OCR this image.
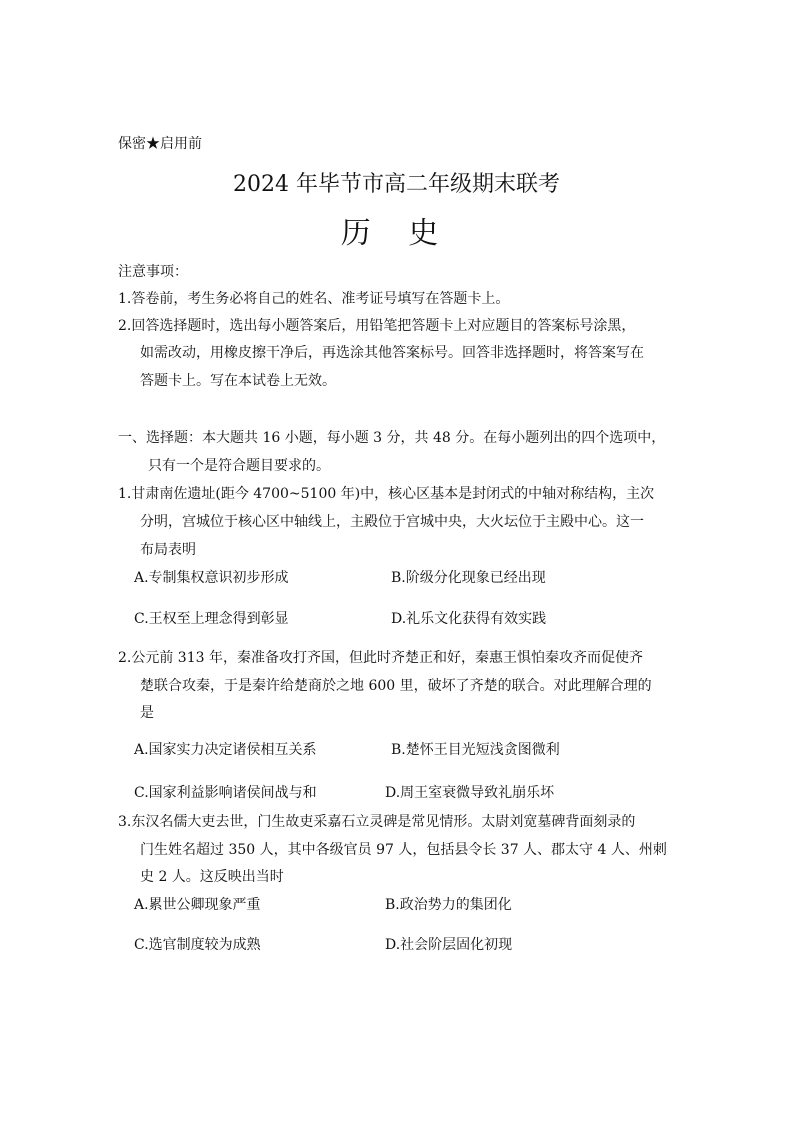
保密★启用前
2024 年毕节市高二年级期末联考
历 史
注意事项：
1.答卷前，考生务必将自己的姓名、准考证号填写在答题卡上。
2.回答选择题时，选出每小题答案后，用铅笔把答题卡上对应题目的答案标号涂黑，
如需改动，用橡皮擦干净后，再选涂其他答案标号。回答非选择题时，将答案写在
答题卡上。写在本试卷上无效。
一、选择题：本大题共 16 小题，每小题 3 分，共 48 分。在每小题列出的四个选项中，
只有一个是符合题目要求的。
1.甘肃南佐遗址(距今 4700~5100 年)中，核心区基本是封闭式的中轴对称结构，主次
分明，宫城位于核心区中轴线上，主殿位于宫城中央，大火坛位于主殿中心。这一
布局表明
A.专制集权意识初步形成	B.阶级分化现象已经出现
C.王权至上理念得到彰显	D.礼乐文化获得有效实践
2.公元前 313 年，秦准备攻打齐国，但此时齐楚正和好，秦惠王惧怕秦攻齐而促使齐
楚联合攻秦，于是秦许给楚商於之地 600 里，破坏了齐楚的联合。对此理解合理的
是
A.国家实力决定诸侯相互关系	B.楚怀王目光短浅贪图微利
C.国家利益影响诸侯间战与和	D.周王室衰微导致礼崩乐坏
3.东汉名儒大吏去世，门生故吏采嘉石立灵碑是常见情形。太尉刘宽墓碑背面刻录的
门生姓名超过 350 人，其中各级官员 97 人，包括县令长 37 人、郡太守 4 人、州刺
史 2 人。这反映出当时
A.累世公卿现象严重	B.政治势力的集团化
C.选官制度较为成熟	D.社会阶层固化初现
